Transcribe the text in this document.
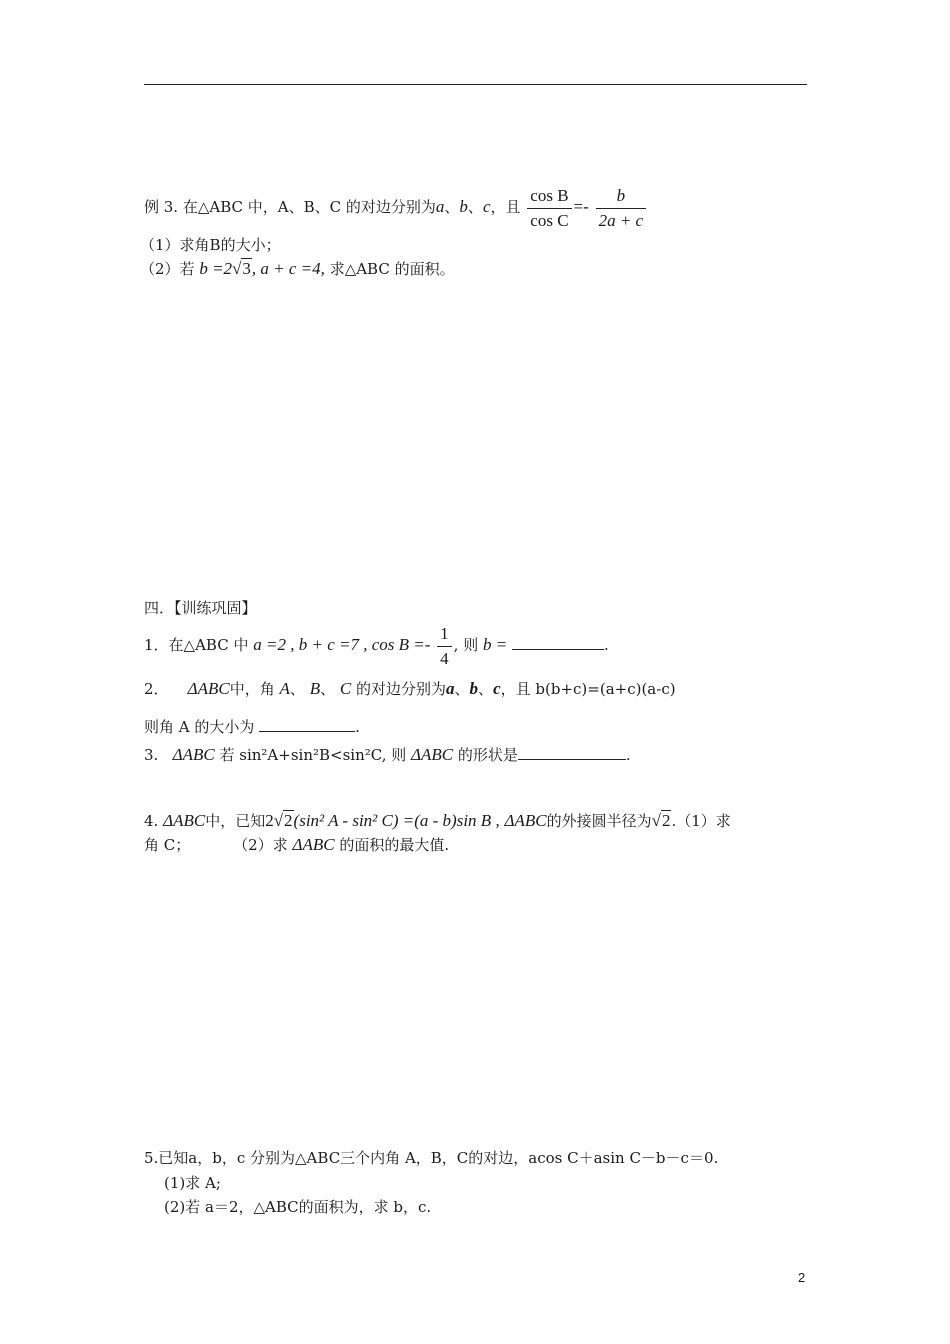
例 3. 在△ABC 中，A、B、C 的对边分别为a、b、c，且 $\frac{\text{cos B}}{\text{cos C}} =- \frac{b}{2a + c}$
（1）求角B的大小；
（2）若 b =2√3, a + c =4, 求△ABC 的面积。
四．【训练巩固】
1．在△ABC 中 a =2 , b + c =7 , $\cos B =- \frac{1}{4}$ , 则 b =	.
2． ΔABC中，角 A、 B、 C 的对边分别为a、b、c，且 b(b+c)=(a+c)(a-c)
则角 A 的大小为	.
3. ΔABC 若 sin²A+sin²B<sin²C, 则 ΔABC 的形状是	.
4. ΔABC中，已知2√2(sin² A - sin² C) =(a - b)sin B , ΔABC的外接圆半径为√2.（1）求
角 C；	（2）求 ΔABC 的面积的最大值.
5.已知a，b，c 分别为△ABC三个内角 A，B，C的对边，acos C＋asin C－b－c＝0.
(1)求 A;
(2)若 a＝2，△ABC的面积为，求 b，c.
2
